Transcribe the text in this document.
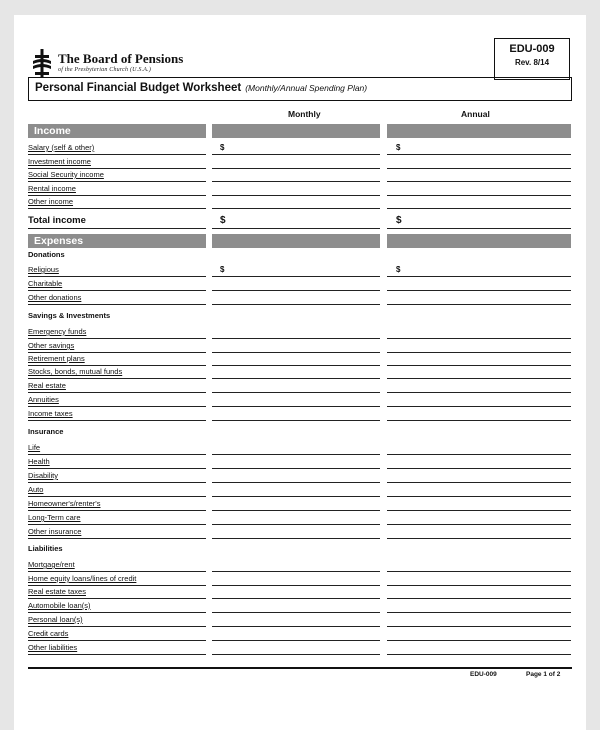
The Board of Pensions
of the Presbyterian Church (U.S.A.)
EDU-009
Rev. 8/14
Personal Financial Budget Worksheet (Monthly/Annual Spending Plan)
Monthly	Annual
Income
Salary (self & other)	$	$
Investment income
Social Security income
Rental income
Other income
Total income	$	$
Expenses
Donations
Religious	$	$
Charitable
Other donations
Savings & Investments
Emergency funds
Other savings
Retirement plans
Stocks, bonds, mutual funds
Real estate
Annuities
Income taxes
Insurance
Life
Health
Disability
Auto
Homeowner's/renter's
Long-Term care
Other insurance
Liabilities
Mortgage/rent
Home equity loans/lines of credit
Real estate taxes
Automobile loan(s)
Personal loan(s)
Credit cards
Other liabilities
EDU-009	Page 1 of 2
